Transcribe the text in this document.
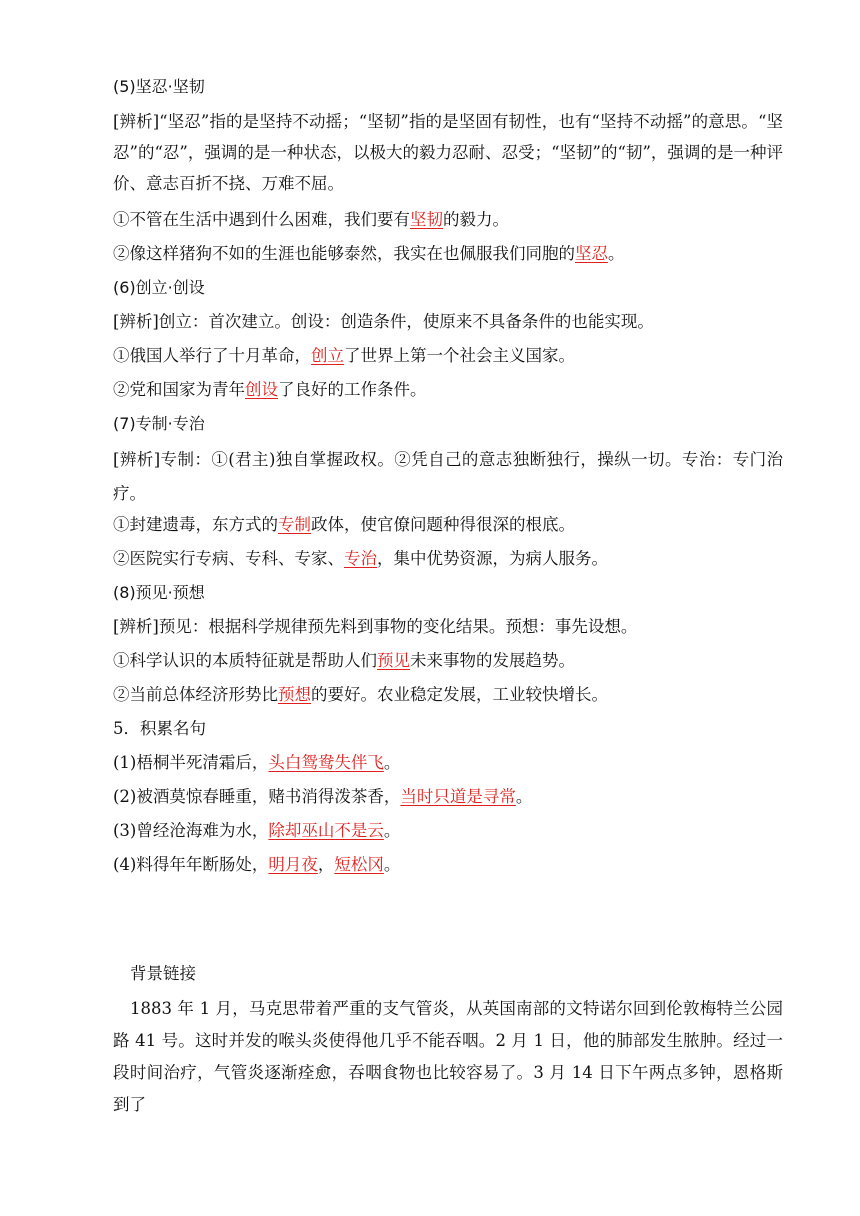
(5)坚忍·坚韧
[辨析]“坚忍”指的是坚持不动摇；“坚韧”指的是坚固有韧性，也有“坚持不动摇”的意思。“坚忍”的“忍”，强调的是一种状态，以极大的毅力忍耐、忍受；“坚韧”的“韧”，强调的是一种评价、意志百折不挠、万难不屈。
①不管在生活中遇到什么困难，我们要有坚韧的毅力。
②像这样猪狗不如的生涯也能够泰然，我实在也佩服我们同胞的坚忍。
(6)创立·创设
[辨析]创立：首次建立。创设：创造条件，使原来不具备条件的也能实现。
①俄国人举行了十月革命，创立了世界上第一个社会主义国家。
②党和国家为青年创设了良好的工作条件。
(7)专制·专治
[辨析]专制：①(君主)独自掌握政权。②凭自己的意志独断独行，操纵一切。专治：专门治疗。
①封建遗毒，东方式的专制政体，使官僚问题种得很深的根底。
②医院实行专病、专科、专家、专治，集中优势资源，为病人服务。
(8)预见·预想
[辨析]预见：根据科学规律预先料到事物的变化结果。预想：事先设想。
①科学认识的本质特征就是帮助人们预见未来事物的发展趋势。
②当前总体经济形势比预想的要好。农业稳定发展，工业较快增长。
5．积累名句
(1)梧桐半死清霜后，头白鸳鸯失伴飞。
(2)被酒莫惊春睡重，赌书消得泼茶香，当时只道是寻常。
(3)曾经沧海难为水，除却巫山不是云。
(4)料得年年断肠处，明月夜，短松冈。
背景链接
1883 年 1 月，马克思带着严重的支气管炎，从英国南部的文特诺尔回到伦敦梅特兰公园路 41 号。这时并发的喉头炎使得他几乎不能吞咽。2 月 1 日，他的肺部发生脓肿。经过一段时间治疗，气管炎逐渐痊愈，吞咽食物也比较容易了。3 月 14 日下午两点多钟，恩格斯到了
